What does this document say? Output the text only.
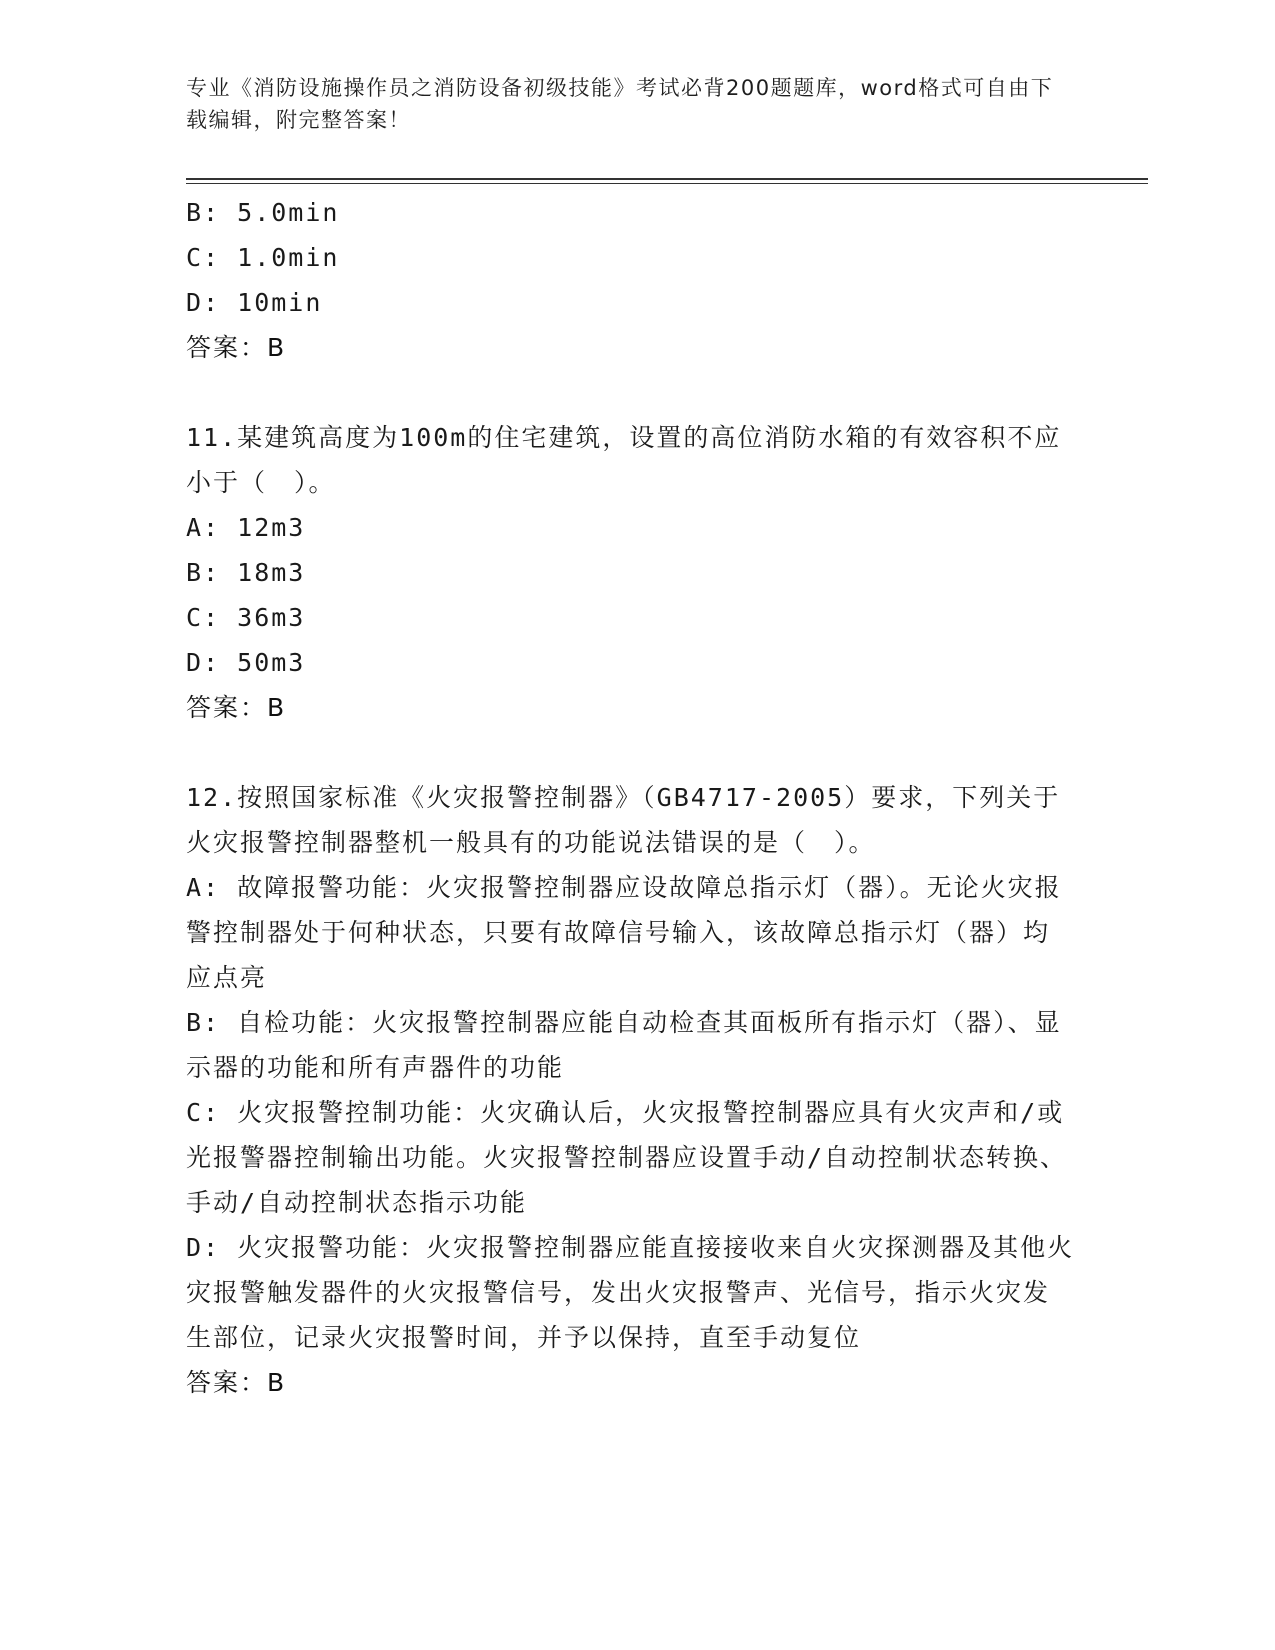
专业《消防设施操作员之消防设备初级技能》考试必背200题题库，word格式可自由下载编辑，附完整答案！
B: 5.0min
C: 1.0min
D: 10min
答案：B
11.某建筑高度为100m的住宅建筑，设置的高位消防水箱的有效容积不应小于（　）。
A: 12m3
B: 18m3
C: 36m3
D: 50m3
答案：B
12.按照国家标准《火灾报警控制器》（GB4717-2005）要求，下列关于火灾报警控制器整机一般具有的功能说法错误的是（　）。
A: 故障报警功能：火灾报警控制器应设故障总指示灯（器）。无论火灾报警控制器处于何种状态，只要有故障信号输入，该故障总指示灯（器）均应点亮
B: 自检功能：火灾报警控制器应能自动检查其面板所有指示灯（器）、显示器的功能和所有声器件的功能
C: 火灾报警控制功能：火灾确认后，火灾报警控制器应具有火灾声和/或光报警器控制输出功能。火灾报警控制器应设置手动/自动控制状态转换、手动/自动控制状态指示功能
D: 火灾报警功能：火灾报警控制器应能直接接收来自火灾探测器及其他火灾报警触发器件的火灾报警信号，发出火灾报警声、光信号，指示火灾发生部位，记录火灾报警时间，并予以保持，直至手动复位
答案：B
